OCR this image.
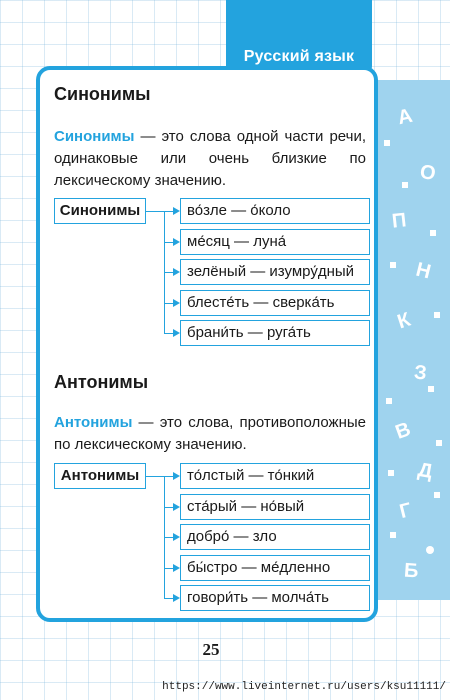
А
О
П
Н
К
З
В
Д
Г
Б
Русский язык
Синонимы
Синонимы — это слова одной части речи, одинаковые или очень близкие по лексическому значению.
Синонимы	во́зле — о́коло
ме́сяц — луна́
зелёный — изумру́дный
блесте́ть — сверка́ть
брани́ть — руга́ть
Антонимы
Антонимы — это слова, противоположные по лексическому значению.
Антонимы	то́лстый — то́нкий
ста́рый — но́вый
добро́ — зло
бы́стро — ме́дленно
говори́ть — молча́ть
25
https://www.liveinternet.ru/users/ksu11111/
